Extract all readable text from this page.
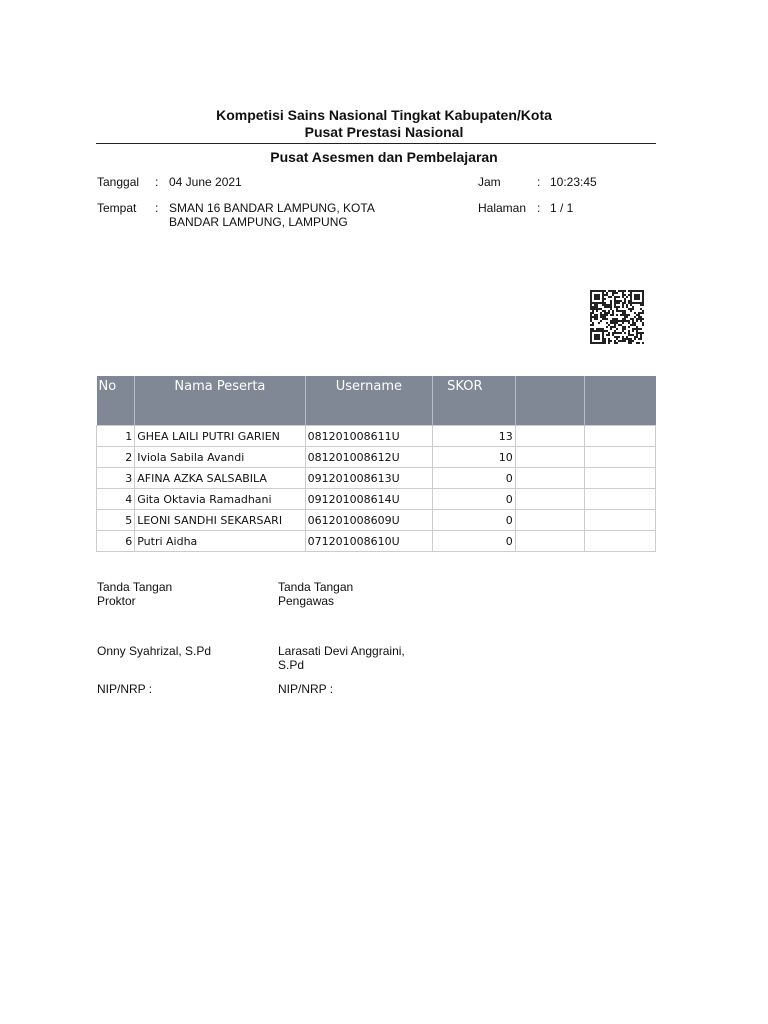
Kompetisi Sains Nasional Tingkat Kabupaten/Kota
Pusat Prestasi Nasional
Pusat Asesmen dan Pembelajaran
Tanggal : 04 June 2021
Tempat : SMAN 16 BANDAR LAMPUNG, KOTA
BANDAR LAMPUNG, LAMPUNG
Jam	: 10:23:45
Halaman : 1 / 1
No	Nama Peserta	Username	SKOR		
1	GHEA LAILI PUTRI GARIEN	081201008611U	13		
2	Iviola Sabila Avandi	081201008612U	10		
3	AFINA AZKA SALSABILA	091201008613U	0		
4	Gita Oktavia Ramadhani	091201008614U	0		
5	LEONI SANDHI SEKARSARI	061201008609U	0		
6	Putri Aidha	071201008610U	0		
Tanda Tangan
Proktor
Tanda Tangan
Pengawas
Onny Syahrizal, S.Pd	Larasati Devi Anggraini,
S.Pd
NIP/NRP :	NIP/NRP :
